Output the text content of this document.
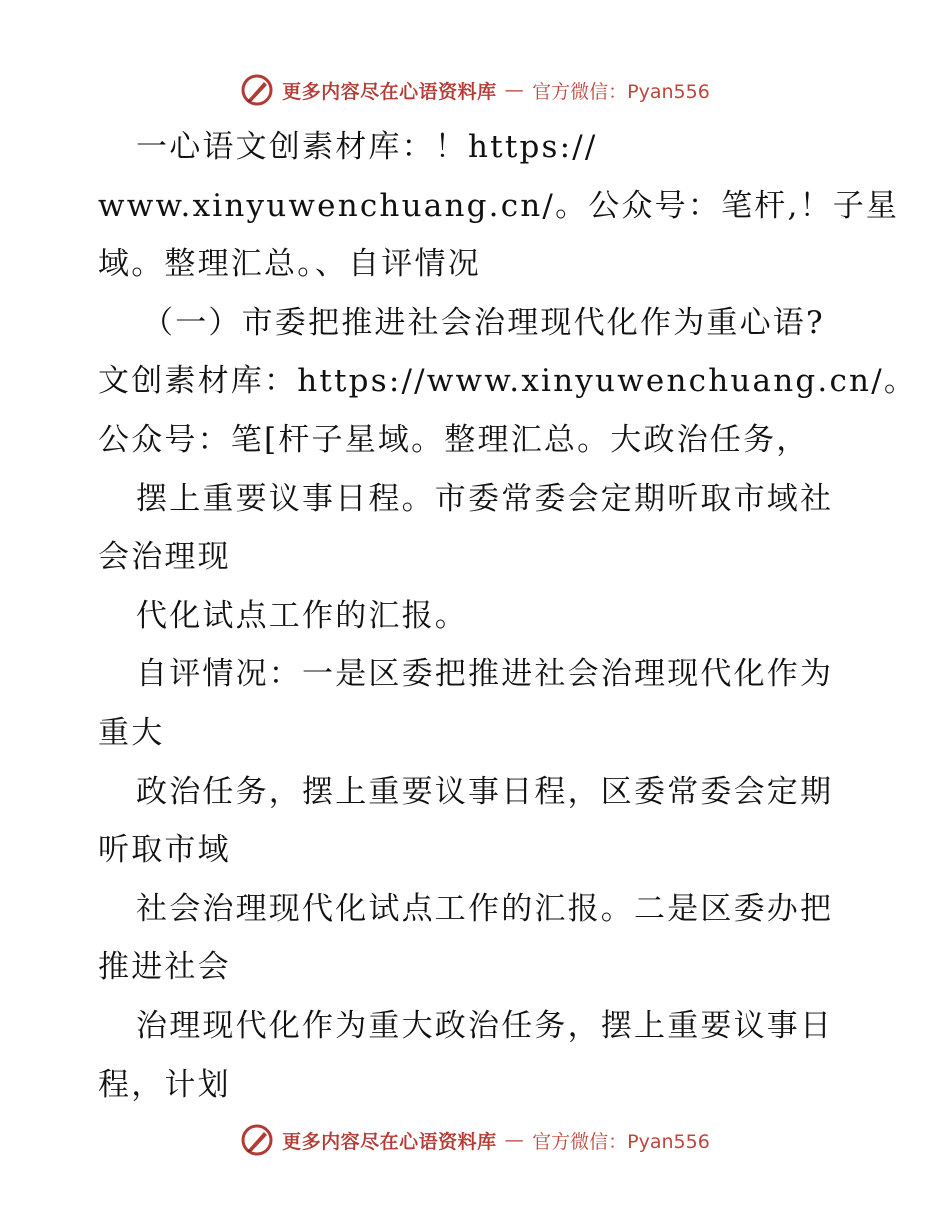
更多内容尽在心语资料库 — 官方微信：Pyan556
一心语文创素材库：！https://
www.xinyuwenchuang.cn/。公众号：笔杆,！子星
域。整理汇总。、自评情况
（一）市委把推进社会治理现代化作为重心语?
文创素材库：https://www.xinyuwenchuang.cn/。
公众号：笔[杆子星域。整理汇总。大政治任务，
摆上重要议事日程。市委常委会定期听取市域社
会治理现
代化试点工作的汇报。
自评情况：一是区委把推进社会治理现代化作为
重大
政治任务，摆上重要议事日程，区委常委会定期
听取市域
社会治理现代化试点工作的汇报。二是区委办把
推进社会
治理现代化作为重大政治任务，摆上重要议事日
程，计划
更多内容尽在心语资料库 — 官方微信：Pyan556
